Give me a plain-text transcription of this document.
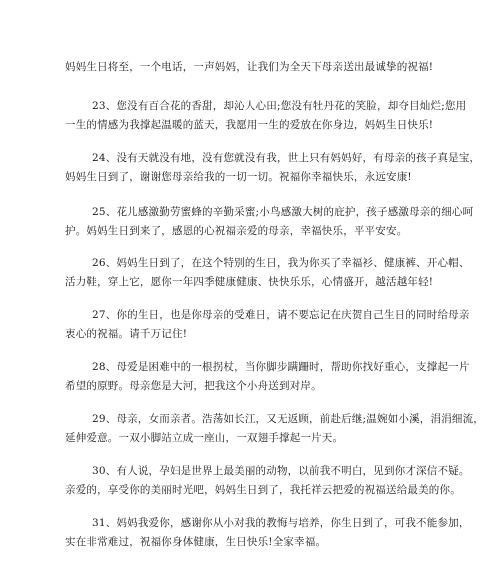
妈妈生日将至，一个电话，一声妈妈，让我们为全天下母亲送出最诚挚的祝福!
23、您没有百合花的香甜，却沁人心田;您没有牡丹花的笑脸，却夺目灿烂;您用
一生的情感为我撑起温暖的蓝天，我愿用一生的爱放在你身边，妈妈生日快乐!
24、没有天就没有地，没有您就没有我，世上只有妈妈好，有母亲的孩子真是宝，
妈妈生日到了，谢谢您母亲给我的一切一切。祝福你幸福快乐，永远安康!
25、花儿感激勤劳蜜蜂的辛勤采蜜;小鸟感激大树的庇护，孩子感激母亲的细心呵
护。妈妈生日到来了，感恩的心祝福亲爱的母亲，幸福快乐，平平安安。
26、妈妈生日到了，在这个特别的生日，我为你买了幸福衫、健康裤、开心帽、
活力鞋，穿上它，愿你一年四季健康健康、快快乐乐，心情盛开，越活越年轻!
27、你的生日，也是你母亲的受难日，请不要忘记在庆贺自己生日的同时给母亲
衷心的祝福。请千万记住!
28、母爱是困难中的一根拐杖，当你脚步蹒跚时，帮助你找好重心，支撑起一片
希望的原野。母亲您是大河，把我这个小舟送到对岸。
29、母亲，女而亲者。浩荡如长江，又无返顾，前赴后继;温婉如小溪，涓涓细流，
延伸爱意。一双小脚站立成一座山，一双翅手撑起一片天。
30、有人说，孕妇是世界上最美丽的动物，以前我不明白，见到你才深信不疑。
亲爱的，享受你的美丽时光吧，妈妈生日到了，我托祥云把爱的祝福送给最美的你。
31、妈妈我爱你，感谢你从小对我的教悔与培养，你生日到了，可我不能参加，
实在非常难过，祝福你身体健康，生日快乐!全家幸福。
